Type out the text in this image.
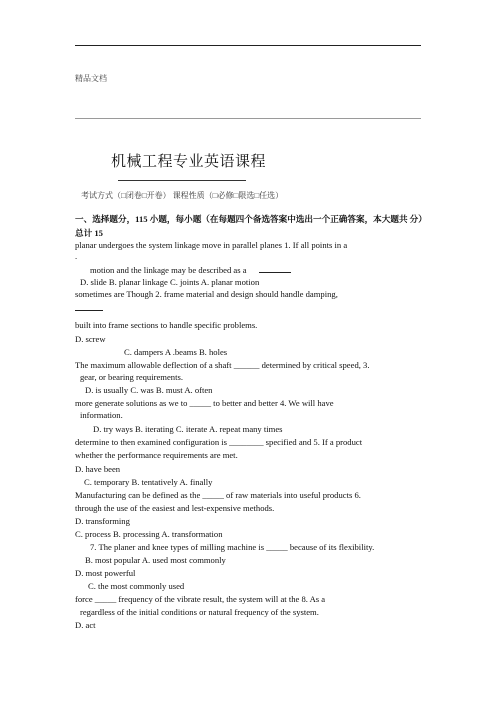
精品文档
机械工程专业英语课程
考试方式（□闭卷□开卷） 课程性质（□必修□限选□任选）
一、选择题分，115 小题，每小题（在每题四个备选答案中选出一个正确答案，本大题共 分）
总计 15
planar undergoes the system linkage move in parallel planes 1. If all points in a
.
motion and the linkage may be described as a
D. slide B. planar linkage C. joints A. planar motion
sometimes are Though 2. frame material and design should handle damping,
built into frame sections to handle specific problems.
D. screw
C. dampers A .beams B. holes
The maximum allowable deflection of a shaft ______ determined by critical speed, 3.
gear, or bearing requirements.
D. is usually C. was B. must A. often
more generate solutions as we to _____ to better and better 4. We will have
information.
D. try ways B. iterating C. iterate A. repeat many times
determine to then examined configuration is ________ specified and 5. If a product
whether the performance requirements are met.
D. have been
C. temporary B. tentatively A. finally
Manufacturing can be defined as the _____ of raw materials into useful products 6.
through the use of the easiest and lest-expensive methods.
D. transforming
C. process B. processing A. transformation
7. The planer and knee types of milling machine is _____ because of its flexibility.
B. most popular A. used most commonly
D. most powerful
C. the most commonly used
force _____ frequency of the vibrate result, the system will at the 8. As a
regardless of the initial conditions or natural frequency of the system.
D. act
